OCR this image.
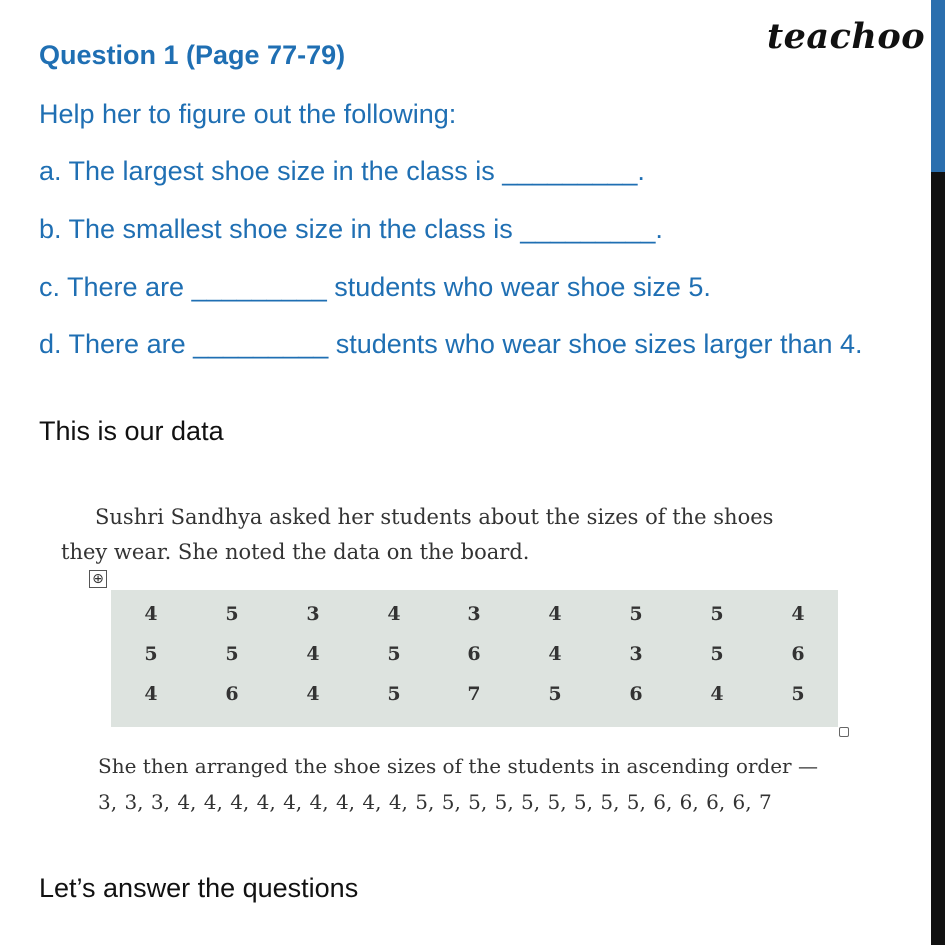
teachoo
Question 1 (Page 77-79)
Help her to figure out the following:
a. The largest shoe size in the class is _________.
b. The smallest shoe size in the class is _________.
c. There are _________ students who wear shoe size 5.
d. There are _________ students who wear shoe sizes larger than 4.
This is our data
Sushri Sandhya asked her students about the sizes of the shoes
they wear. She noted the data on the board.
⊕
4	5	3	4	3	4	5	5	4
5	5	4	5	6	4	3	5	6
4	6	4	5	7	5	6	4	5
She then arranged the shoe sizes of the students in ascending order —
3, 3, 3, 4, 4, 4, 4, 4, 4, 4, 4, 4, 5, 5, 5, 5, 5, 5, 5, 5, 5, 6, 6, 6, 6, 7
Let’s answer the questions
